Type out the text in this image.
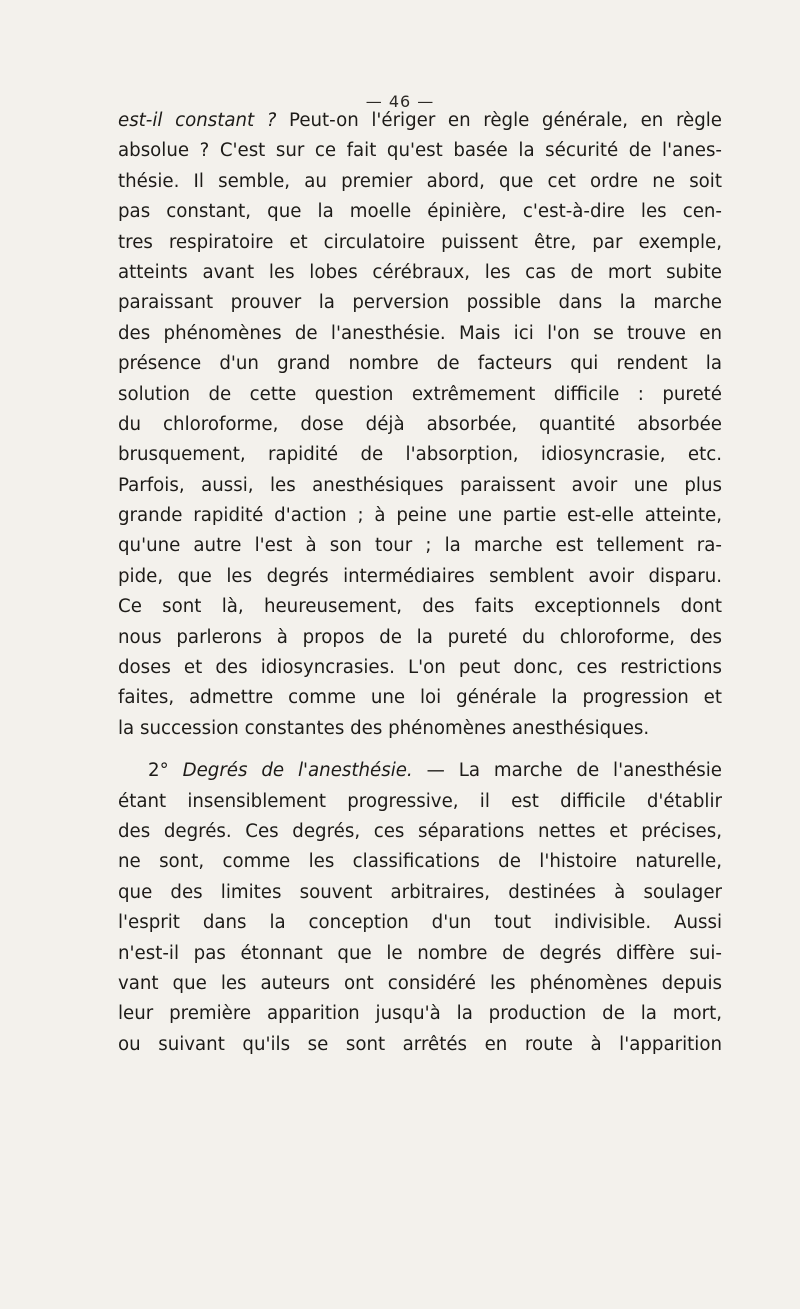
— 46 —
est-il constant ? Peut-on l'ériger en règle générale, en règle
absolue ? C'est sur ce fait qu'est basée la sécurité de l'anes-
thésie. Il semble, au premier abord, que cet ordre ne soit
pas constant, que la moelle épinière, c'est-à-dire les cen-
tres respiratoire et circulatoire puissent être, par exemple,
atteints avant les lobes cérébraux, les cas de mort subite
paraissant prouver la perversion possible dans la marche
des phénomènes de l'anesthésie. Mais ici l'on se trouve en
présence d'un grand nombre de facteurs qui rendent la
solution de cette question extrêmement difficile : pureté
du chloroforme, dose déjà absorbée, quantité absorbée
brusquement, rapidité de l'absorption, idiosyncrasie, etc.
Parfois, aussi, les anesthésiques paraissent avoir une plus
grande rapidité d'action ; à peine une partie est-elle atteinte,
qu'une autre l'est à son tour ; la marche est tellement ra-
pide, que les degrés intermédiaires semblent avoir disparu.
Ce sont là, heureusement, des faits exceptionnels dont
nous parlerons à propos de la pureté du chloroforme, des
doses et des idiosyncrasies. L'on peut donc, ces restrictions
faites, admettre comme une loi générale la progression et
la succession constantes des phénomènes anesthésiques.
2° Degrés de l'anesthésie. — La marche de l'anesthésie
étant insensiblement progressive, il est difficile d'établir
des degrés. Ces degrés, ces séparations nettes et précises,
ne sont, comme les classifications de l'histoire naturelle,
que des limites souvent arbitraires, destinées à soulager
l'esprit dans la conception d'un tout indivisible. Aussi
n'est-il pas étonnant que le nombre de degrés diffère sui-
vant que les auteurs ont considéré les phénomènes depuis
leur première apparition jusqu'à la production de la mort,
ou suivant qu'ils se sont arrêtés en route à l'apparition
